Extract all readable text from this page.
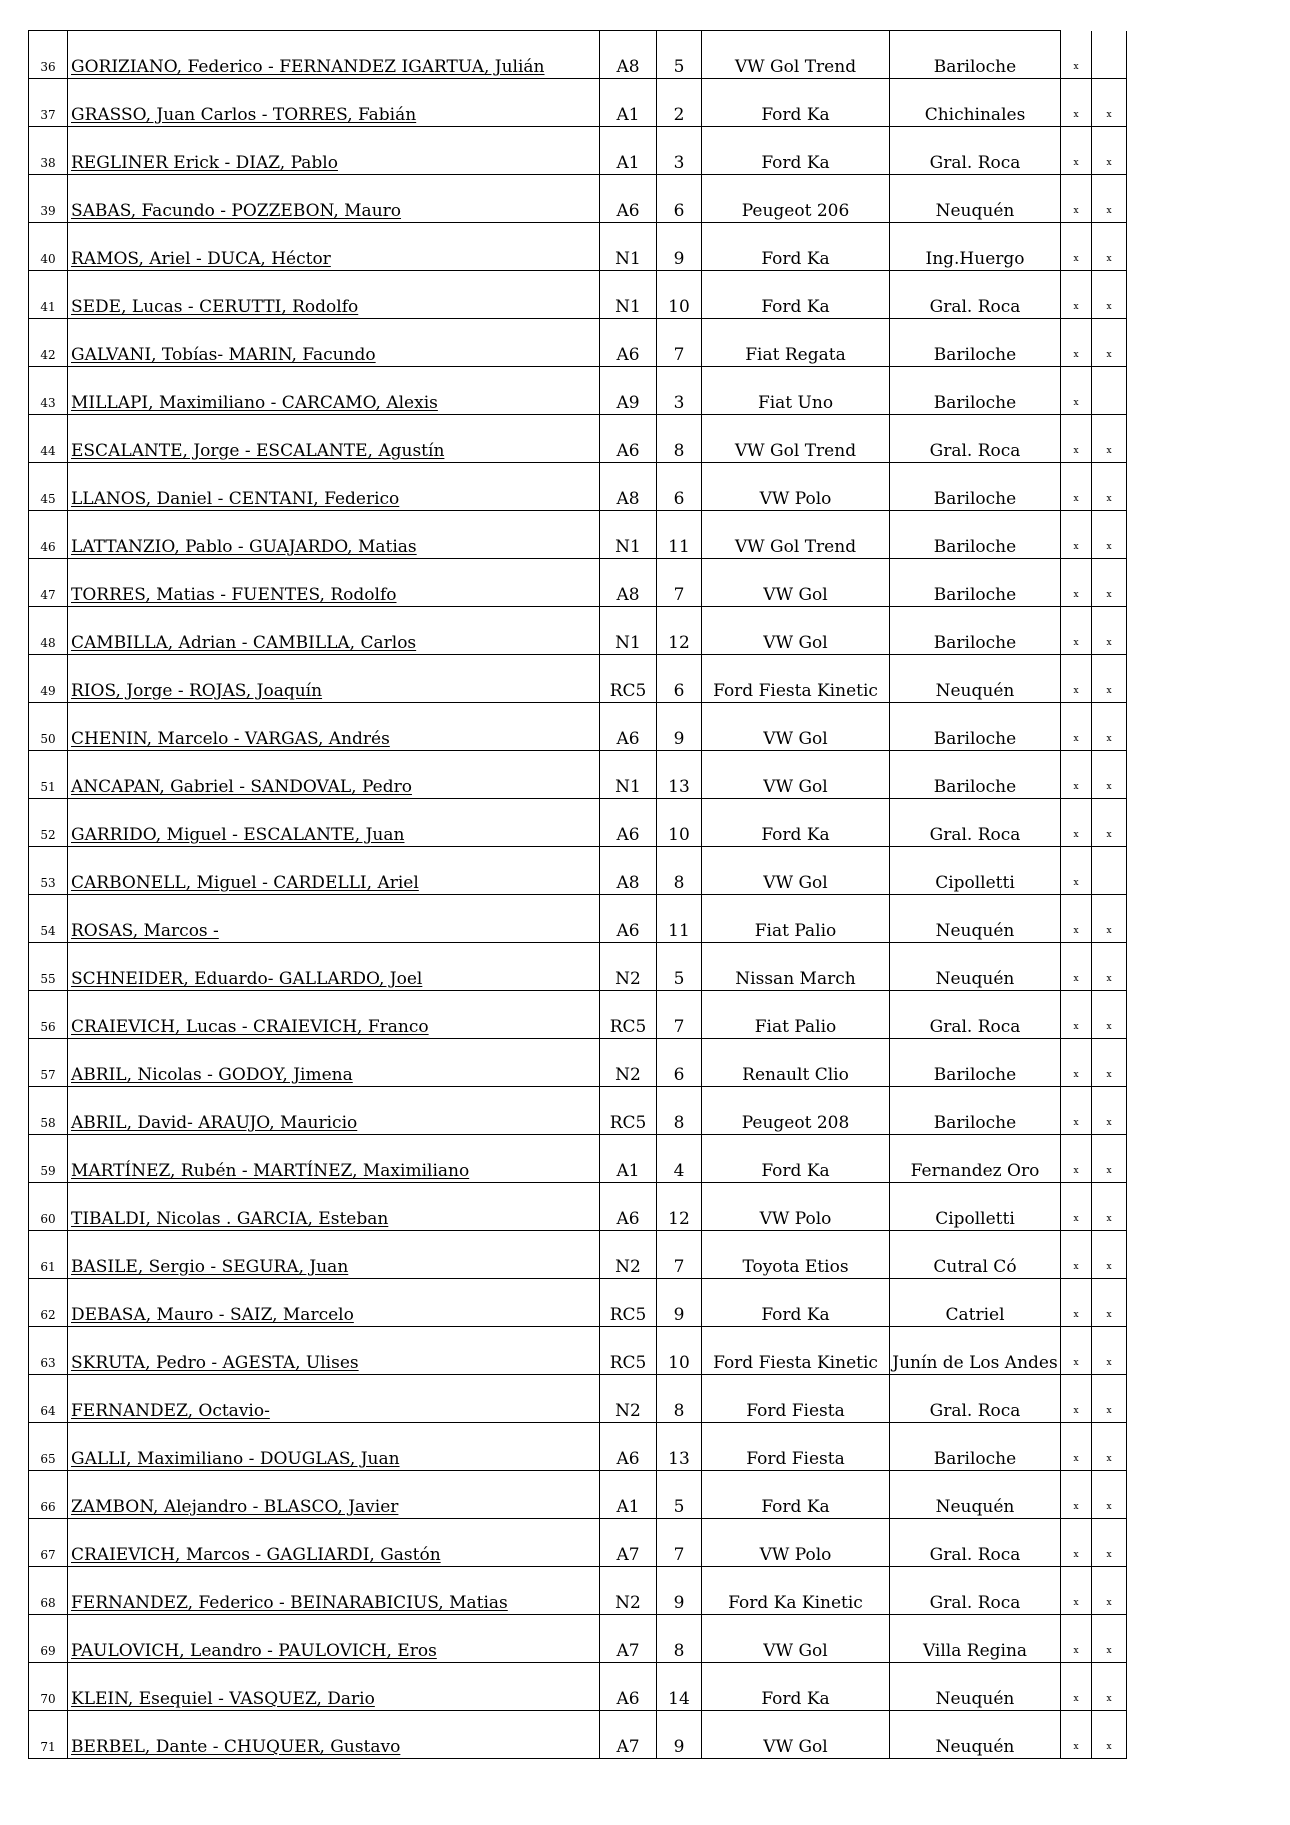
36	GORIZIANO, Federico - FERNANDEZ IGARTUA, Julián	A8	5	VW Gol Trend	Bariloche	x	
37	GRASSO, Juan Carlos - TORRES, Fabián	A1	2	Ford Ka	Chichinales	x	x
38	REGLINER Erick - DIAZ, Pablo	A1	3	Ford Ka	Gral. Roca	x	x
39	SABAS, Facundo - POZZEBON, Mauro	A6	6	Peugeot 206	Neuquén	x	x
40	RAMOS, Ariel - DUCA, Héctor	N1	9	Ford Ka	Ing.Huergo	x	x
41	SEDE, Lucas - CERUTTI, Rodolfo	N1	10	Ford Ka	Gral. Roca	x	x
42	GALVANI, Tobías- MARIN, Facundo	A6	7	Fiat Regata	Bariloche	x	x
43	MILLAPI, Maximiliano - CARCAMO, Alexis	A9	3	Fiat Uno	Bariloche	x	
44	ESCALANTE, Jorge - ESCALANTE, Agustín	A6	8	VW Gol Trend	Gral. Roca	x	x
45	LLANOS, Daniel - CENTANI, Federico	A8	6	VW Polo	Bariloche	x	x
46	LATTANZIO, Pablo - GUAJARDO, Matias	N1	11	VW Gol Trend	Bariloche	x	x
47	TORRES, Matias - FUENTES, Rodolfo	A8	7	VW Gol	Bariloche	x	x
48	CAMBILLA, Adrian - CAMBILLA, Carlos	N1	12	VW Gol	Bariloche	x	x
49	RIOS, Jorge - ROJAS, Joaquín	RC5	6	Ford Fiesta Kinetic	Neuquén	x	x
50	CHENIN, Marcelo - VARGAS, Andrés	A6	9	VW Gol	Bariloche	x	x
51	ANCAPAN, Gabriel - SANDOVAL, Pedro	N1	13	VW Gol	Bariloche	x	x
52	GARRIDO, Miguel - ESCALANTE, Juan	A6	10	Ford Ka	Gral. Roca	x	x
53	CARBONELL, Miguel - CARDELLI, Ariel	A8	8	VW Gol	Cipolletti	x	
54	ROSAS, Marcos -	A6	11	Fiat Palio	Neuquén	x	x
55	SCHNEIDER, Eduardo- GALLARDO, Joel	N2	5	Nissan March	Neuquén	x	x
56	CRAIEVICH, Lucas - CRAIEVICH, Franco	RC5	7	Fiat Palio	Gral. Roca	x	x
57	ABRIL, Nicolas - GODOY, Jimena	N2	6	Renault Clio	Bariloche	x	x
58	ABRIL, David- ARAUJO, Mauricio	RC5	8	Peugeot 208	Bariloche	x	x
59	MARTÍNEZ, Rubén - MARTÍNEZ, Maximiliano	A1	4	Ford Ka	Fernandez Oro	x	x
60	TIBALDI, Nicolas . GARCIA, Esteban	A6	12	VW Polo	Cipolletti	x	x
61	BASILE, Sergio - SEGURA, Juan	N2	7	Toyota Etios	Cutral Có	x	x
62	DEBASA, Mauro - SAIZ, Marcelo	RC5	9	Ford Ka	Catriel	x	x
63	SKRUTA, Pedro - AGESTA, Ulises	RC5	10	Ford Fiesta Kinetic	Junín de Los Andes	x	x
64	FERNANDEZ, Octavio-	N2	8	Ford Fiesta	Gral. Roca	x	x
65	GALLI, Maximiliano - DOUGLAS, Juan	A6	13	Ford Fiesta	Bariloche	x	x
66	ZAMBON, Alejandro - BLASCO, Javier	A1	5	Ford Ka	Neuquén	x	x
67	CRAIEVICH, Marcos - GAGLIARDI, Gastón	A7	7	VW Polo	Gral. Roca	x	x
68	FERNANDEZ, Federico - BEINARABICIUS, Matias	N2	9	Ford Ka Kinetic	Gral. Roca	x	x
69	PAULOVICH, Leandro - PAULOVICH, Eros	A7	8	VW Gol	Villa Regina	x	x
70	KLEIN, Esequiel - VASQUEZ, Dario	A6	14	Ford Ka	Neuquén	x	x
71	BERBEL, Dante - CHUQUER, Gustavo	A7	9	VW Gol	Neuquén	x	x
